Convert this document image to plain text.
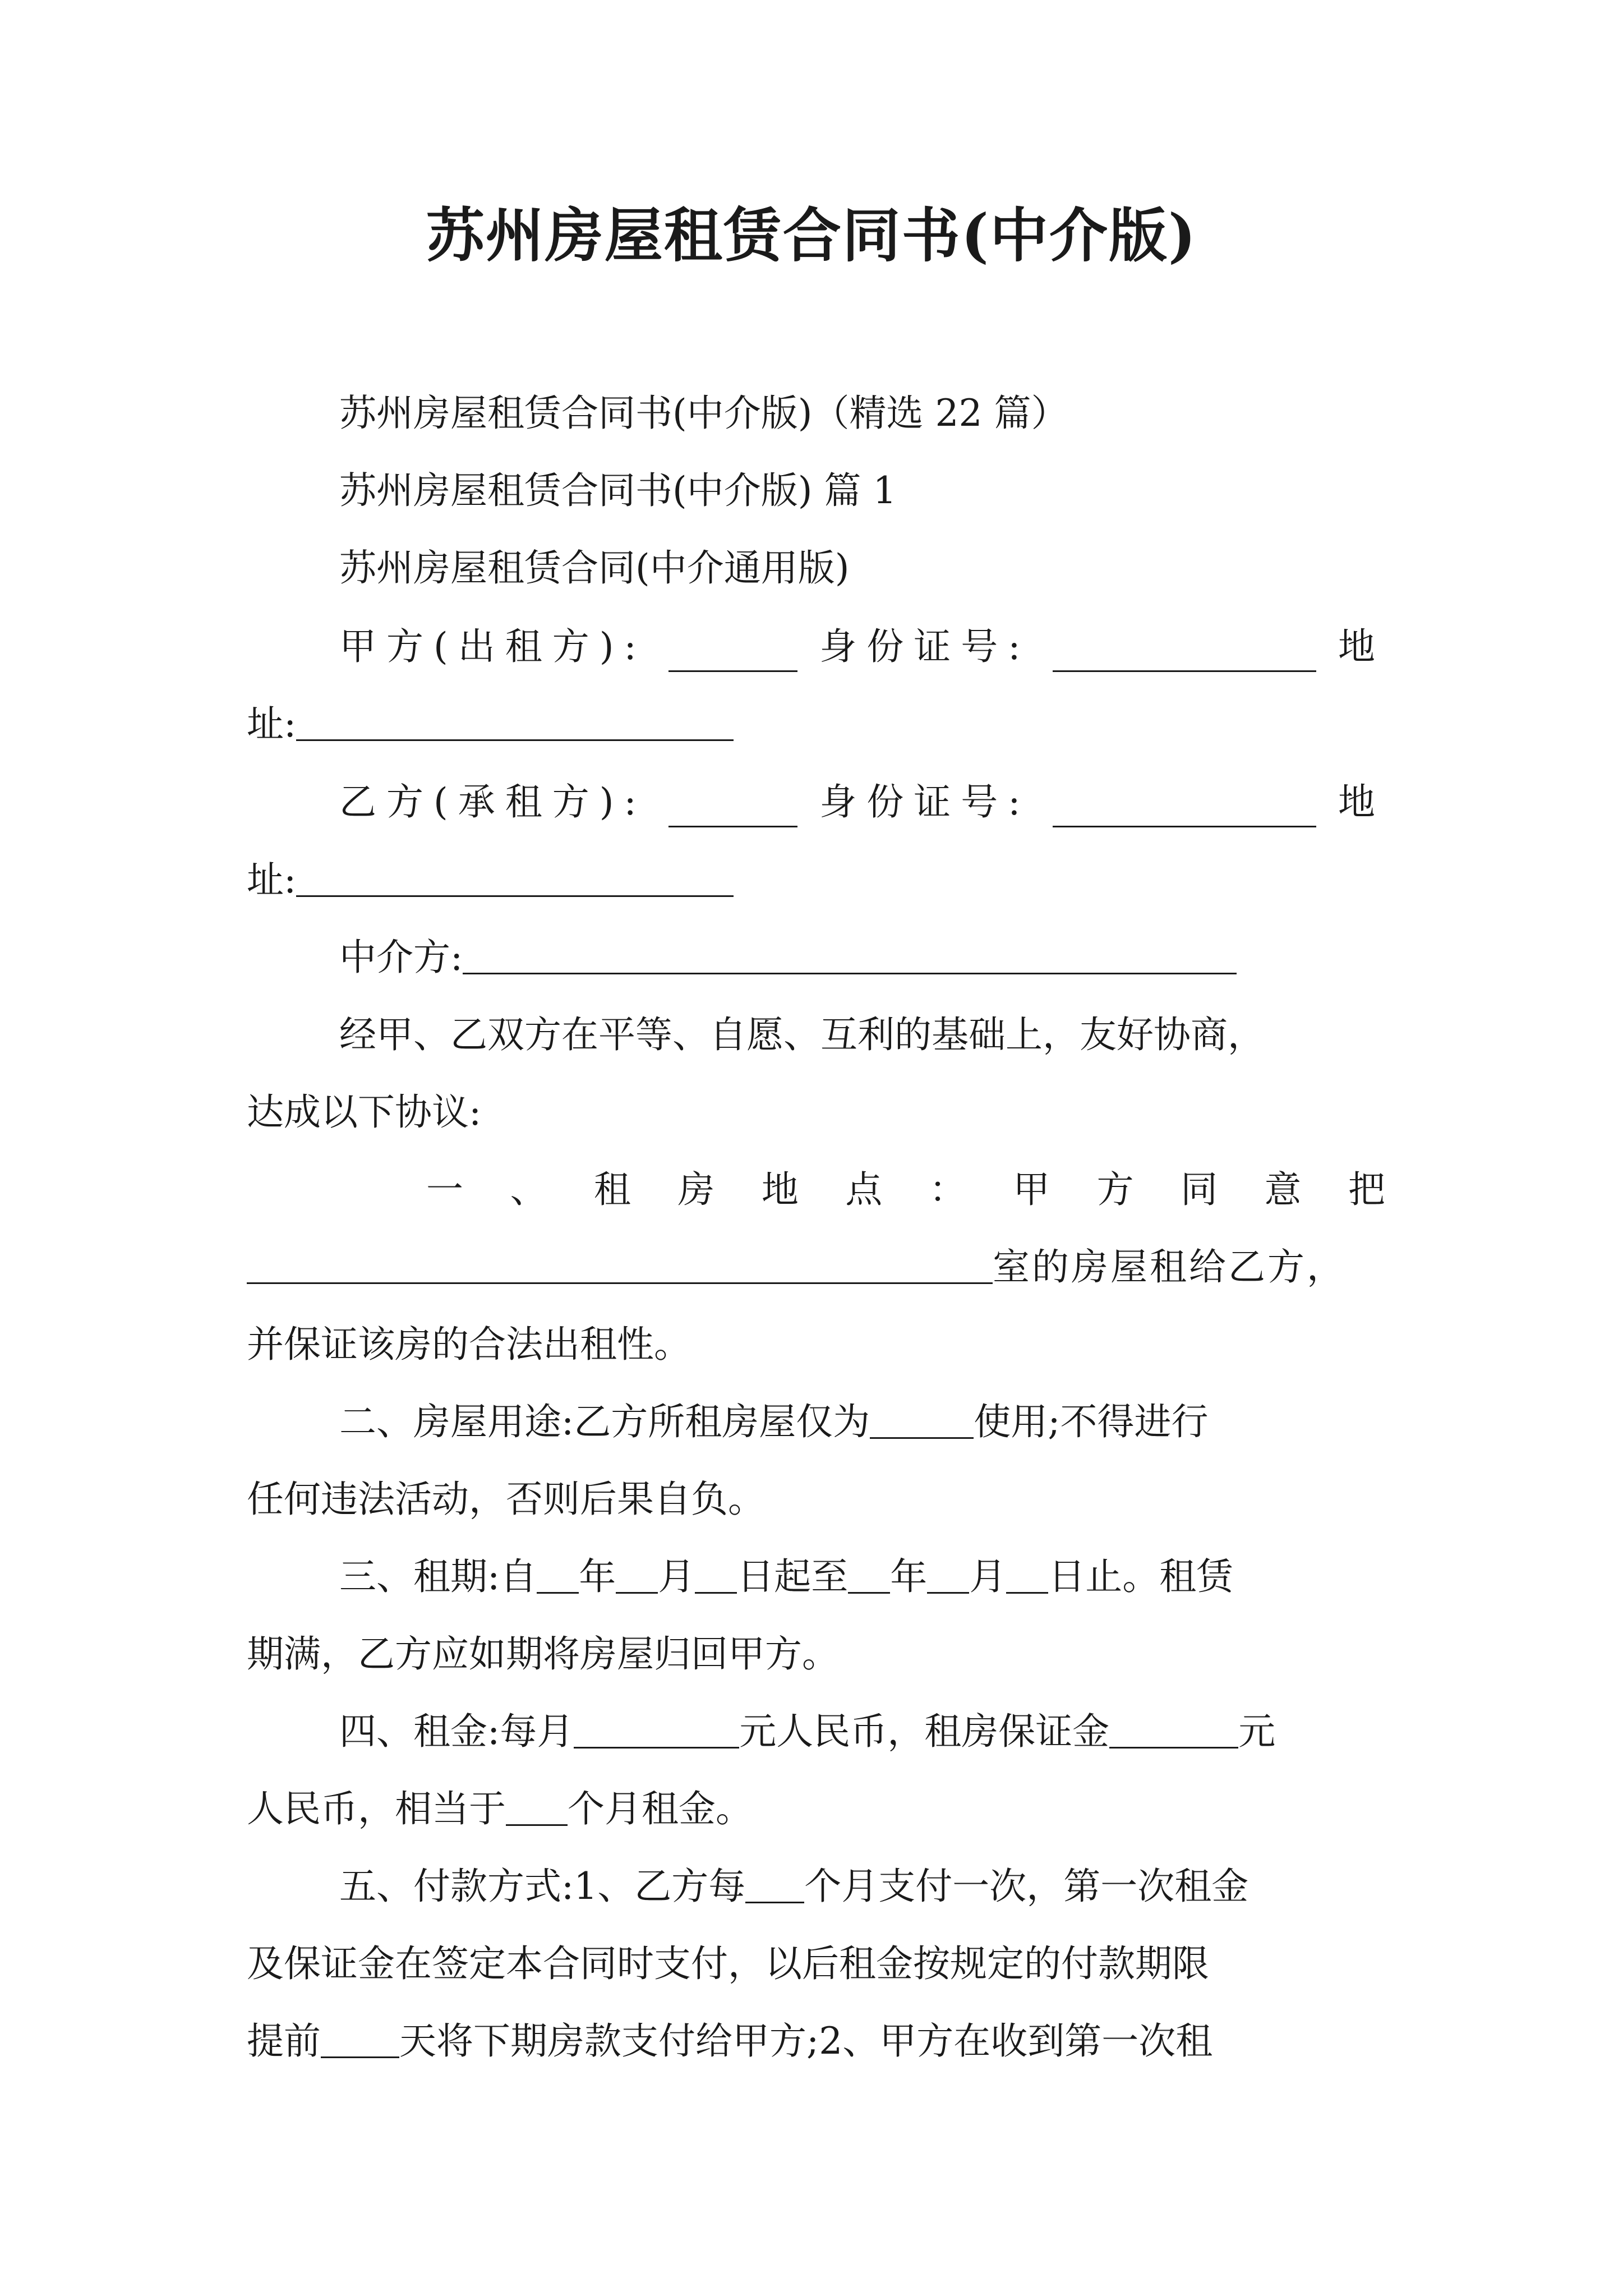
苏州房屋租赁合同书(中介版)
苏州房屋租赁合同书(中介版)（精选 22 篇）
苏州房屋租赁合同书(中介版) 篇 1
苏州房屋租赁合同(中介通用版)
甲方(出租方):	身份证号:	地
址:
乙方(承租方):	身份证号:	地
址:
中介方:
经甲、乙双方在平等、自愿、互利的基础上，友好协商，
达成以下协议:
一 、 租 房 地 点 ： 甲 方 同 意 把
室的房屋租给乙方，
并保证该房的合法出租性。
二、房屋用途:乙方所租房屋仅为	使用;不得进行
任何违法活动，否则后果自负。
三、租期:自 年 月 日起至 年 月 日止。租赁
期满，乙方应如期将房屋归回甲方。
四、租金:每月	元人民币，租房保证金	元
人民币，相当于 个月租金。
五、付款方式:1、乙方每 个月支付一次，第一次租金
及保证金在签定本合同时支付，以后租金按规定的付款期限
提前 天将下期房款支付给甲方;2、甲方在收到第一次租
